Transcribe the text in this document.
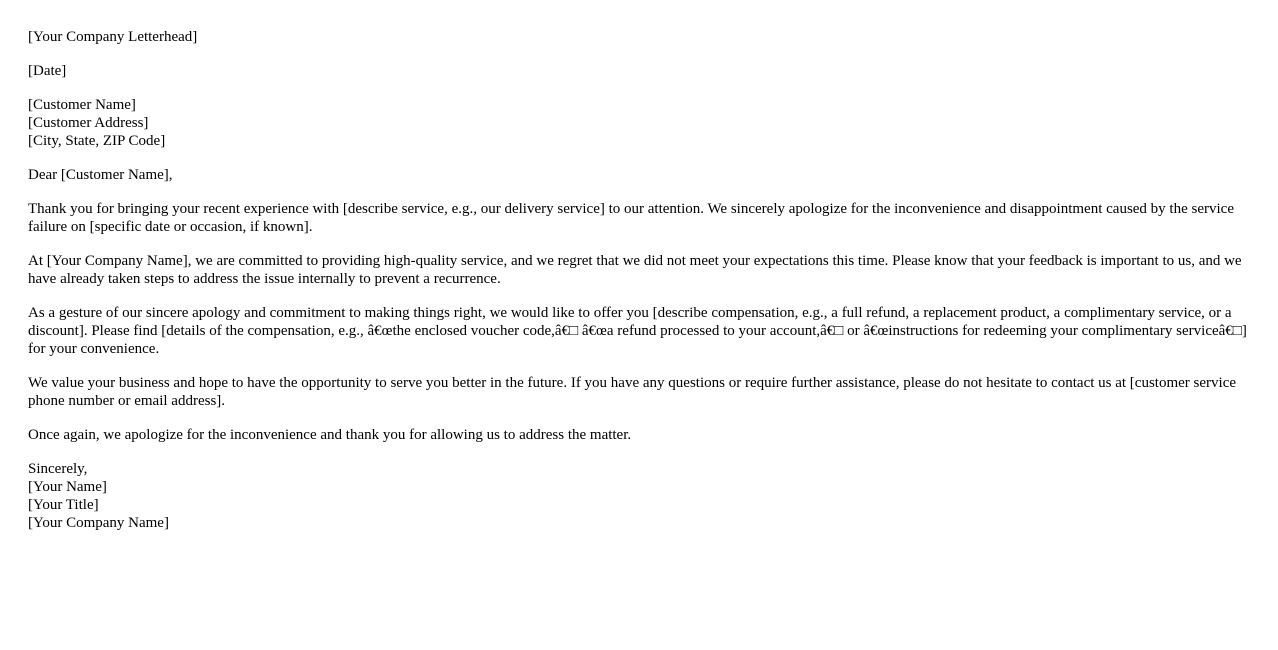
[Your Company Letterhead]

[Date]

[Customer Name]
[Customer Address]
[City, State, ZIP Code]

Dear [Customer Name],

Thank you for bringing your recent experience with [describe service, e.g., our delivery service] to our attention. We sincerely apologize for the inconvenience and disappointment caused by the service failure on [specific date or occasion, if known].

At [Your Company Name], we are committed to providing high-quality service, and we regret that we did not meet your expectations this time. Please know that your feedback is important to us, and we have already taken steps to address the issue internally to prevent a recurrence.

As a gesture of our sincere apology and commitment to making things right, we would like to offer you [describe compensation, e.g., a full refund, a replacement product, a complimentary service, or a discount]. Please find [details of the compensation, e.g., â€œthe enclosed voucher code,â€□ â€œa refund processed to your account,â€□ or â€œinstructions for redeeming your complimentary serviceâ€□] for your convenience.

We value your business and hope to have the opportunity to serve you better in the future. If you have any questions or require further assistance, please do not hesitate to contact us at [customer service phone number or email address].

Once again, we apologize for the inconvenience and thank you for allowing us to address the matter.

Sincerely,
[Your Name]
[Your Title]
[Your Company Name]
